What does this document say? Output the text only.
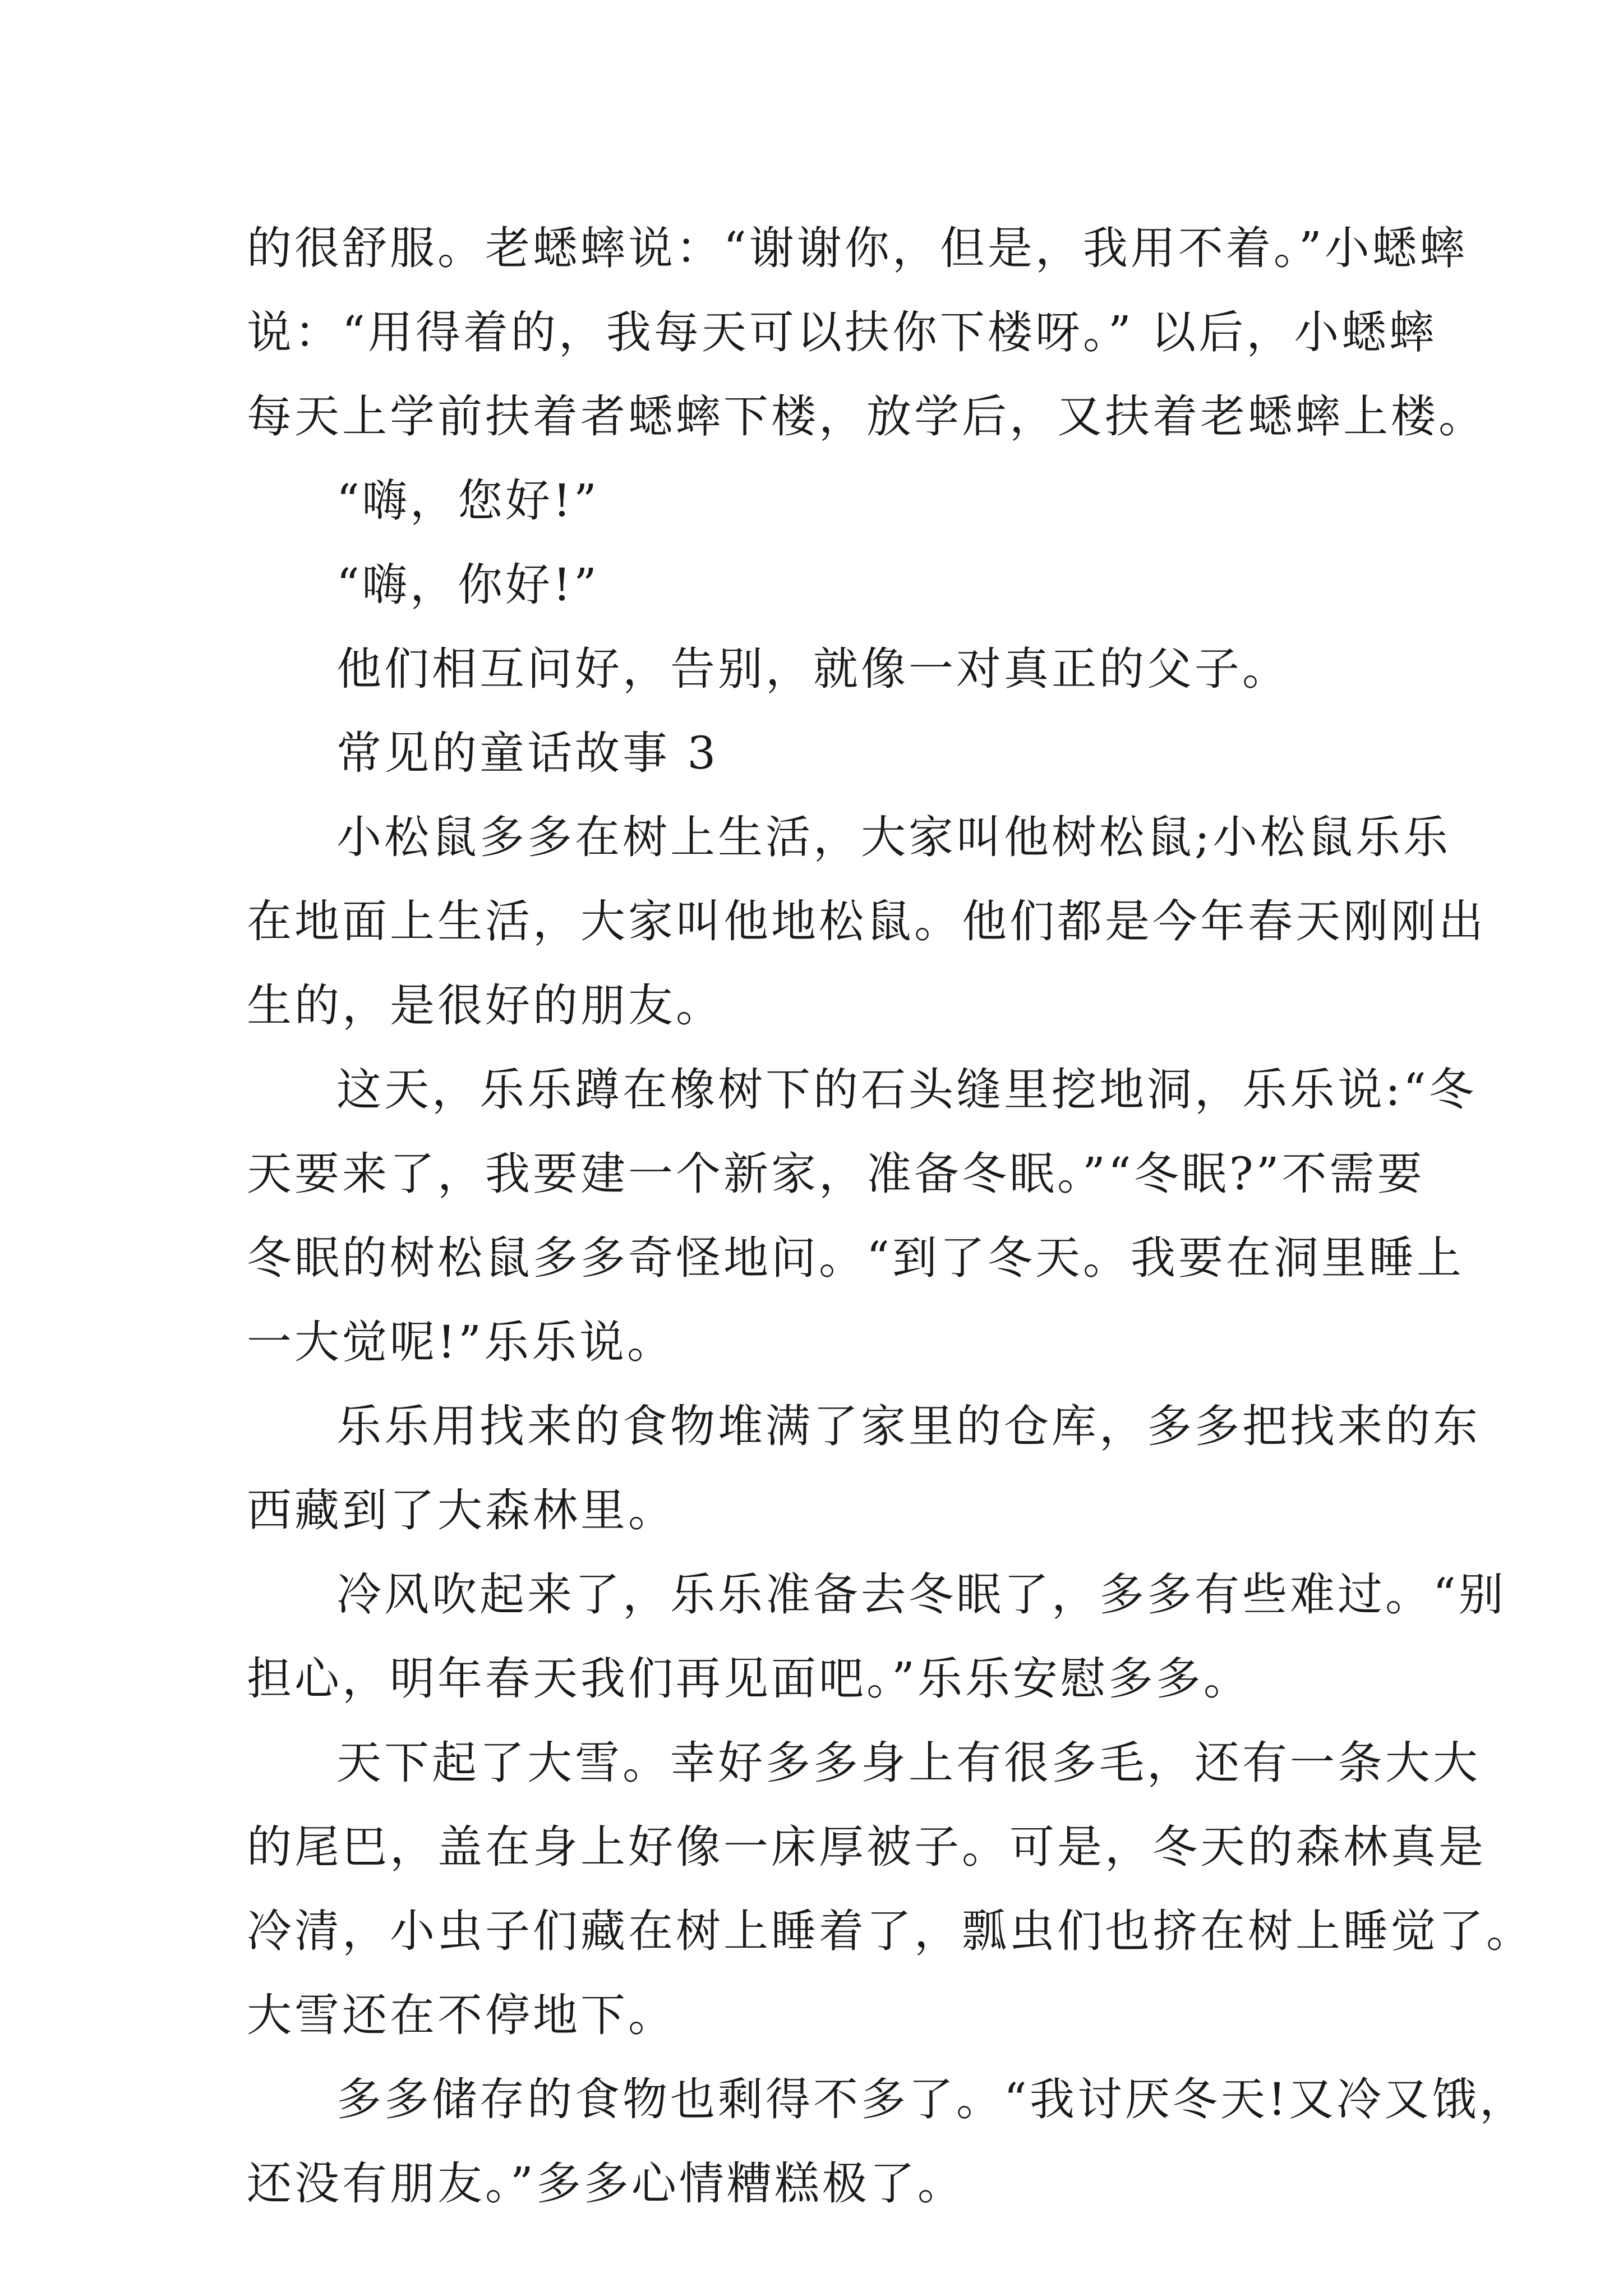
的很舒服。老蟋蟀说：“谢谢你，但是，我用不着。”小蟋蟀
说：“用得着的，我每天可以扶你下楼呀。” 以后，小蟋蟀
每天上学前扶着者蟋蟀下楼，放学后，又扶着老蟋蟀上楼。

“嗨，您好!”

“嗨，你好!”

他们相互问好，告别，就像一对真正的父子。

常见的童话故事 3

小松鼠多多在树上生活，大家叫他树松鼠;小松鼠乐乐
在地面上生活，大家叫他地松鼠。他们都是今年春天刚刚出
生的，是很好的朋友。

这天，乐乐蹲在橡树下的石头缝里挖地洞，乐乐说:“冬
天要来了，我要建一个新家，准备冬眠。”“冬眠?”不需要
冬眠的树松鼠多多奇怪地问。“到了冬天。我要在洞里睡上
一大觉呢!”乐乐说。

乐乐用找来的食物堆满了家里的仓库，多多把找来的东
西藏到了大森林里。

冷风吹起来了，乐乐准备去冬眠了，多多有些难过。“别
担心，明年春天我们再见面吧。”乐乐安慰多多。

天下起了大雪。幸好多多身上有很多毛，还有一条大大
的尾巴，盖在身上好像一床厚被子。可是，冬天的森林真是
冷清，小虫子们藏在树上睡着了，瓢虫们也挤在树上睡觉了。
大雪还在不停地下。

多多储存的食物也剩得不多了。“我讨厌冬天!又冷又饿，
还没有朋友。”多多心情糟糕极了。
